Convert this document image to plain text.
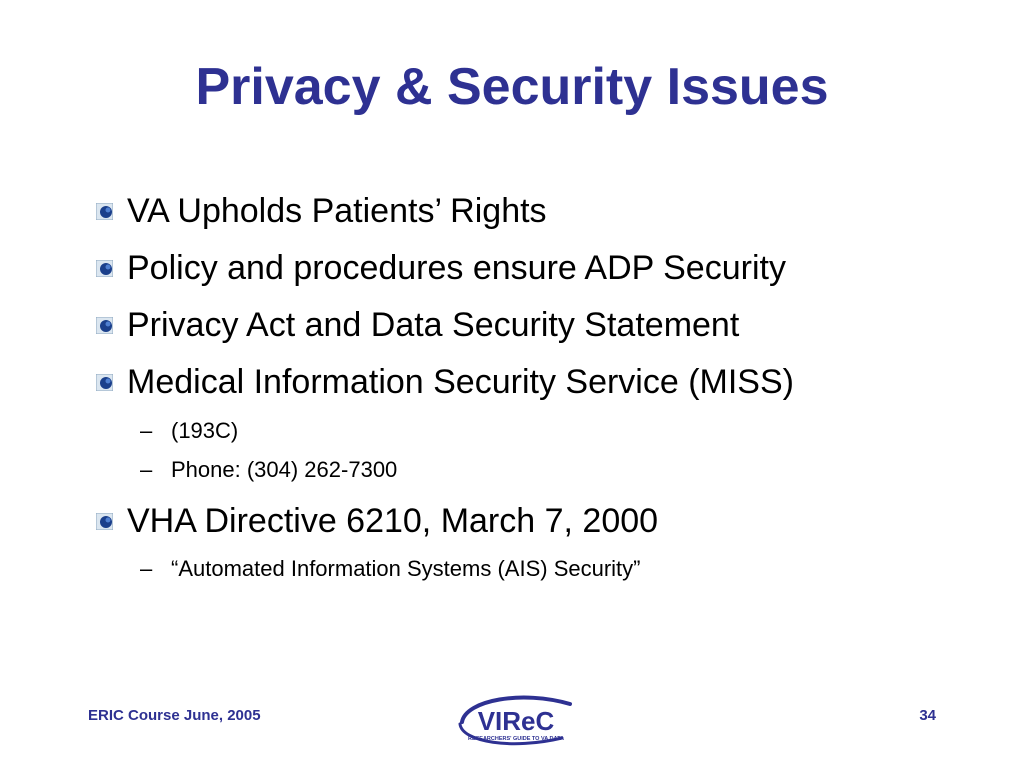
Privacy & Security Issues
VA Upholds Patients’ Rights
Policy and procedures ensure ADP Security
Privacy Act and Data Security Statement
Medical Information Security Service (MISS)
– (193C)
– Phone: (304) 262-7300
VHA Directive 6210, March 7, 2000
– “Automated Information Systems (AIS) Security”
ERIC Course June, 2005	VIReC
RESEARCHERS' GUIDE TO VA DATA
34
